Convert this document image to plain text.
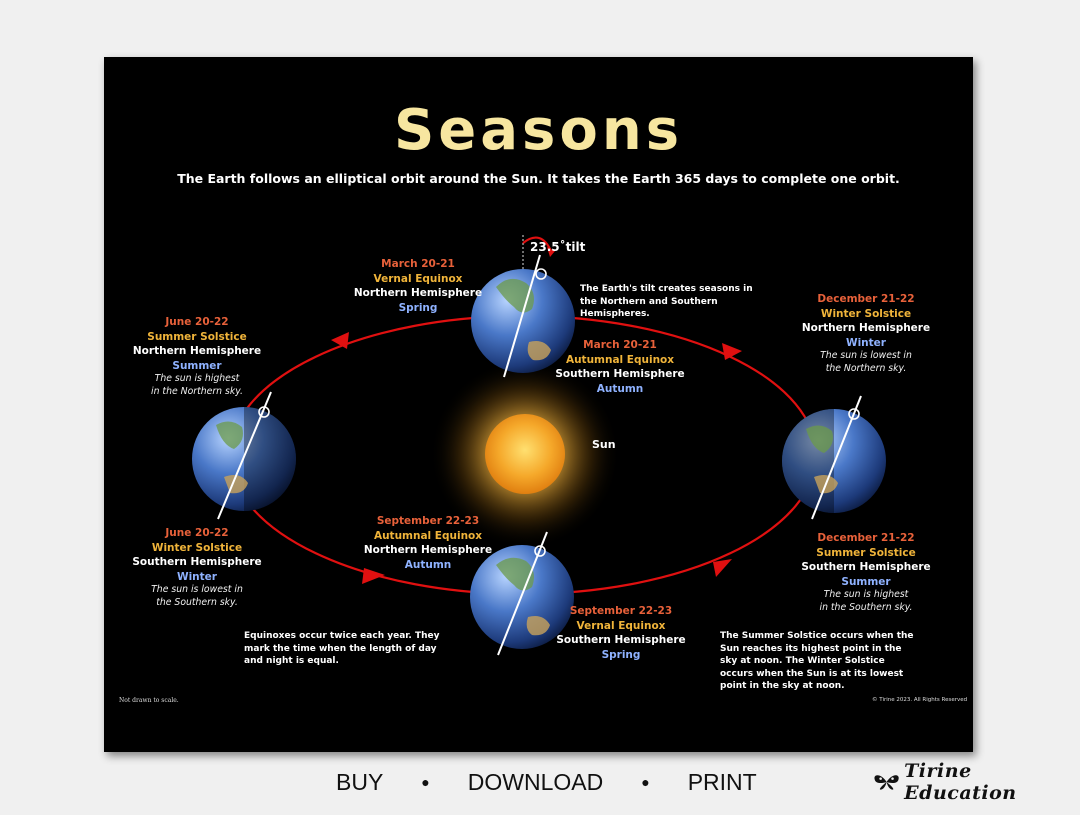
Seasons
The Earth follows an elliptical orbit around the Sun. It takes the Earth 365 days to complete one orbit.
23.5˚tilt
The Earth's tilt creates seasons in the Northern and Southern Hemispheres.
Sun
March 20-21
Vernal Equinox
Northern Hemisphere
Spring
March 20-21
Autumnal Equinox
Southern Hemisphere
Autumn
June 20-22
Summer Solstice
Northern Hemisphere
Summer
The sun is highest in the Northern sky.
June 20-22
Winter Solstice
Southern Hemisphere
Winter
The sun is lowest in the Southern sky.
December 21-22
Winter Solstice
Northern Hemisphere
Winter
The sun is lowest in the Northern sky.
December 21-22
Summer Solstice
Southern Hemisphere
Summer
The sun is highest in the Southern sky.
September 22-23
Autumnal Equinox
Northern Hemisphere
Autumn
September 22-23
Vernal Equinox
Southern Hemisphere
Spring
Equinoxes occur twice each year. They mark the time when the length of day and night is equal.
The Summer Solstice occurs when the Sun reaches its highest point in the sky at noon. The Winter Solstice occurs when the Sun is at its lowest point in the sky at noon.
Not drawn to scale.	© Tirine 2023. All Rights Reserved
BUY	● DOWNLOAD	● PRINT	Tirine Education
